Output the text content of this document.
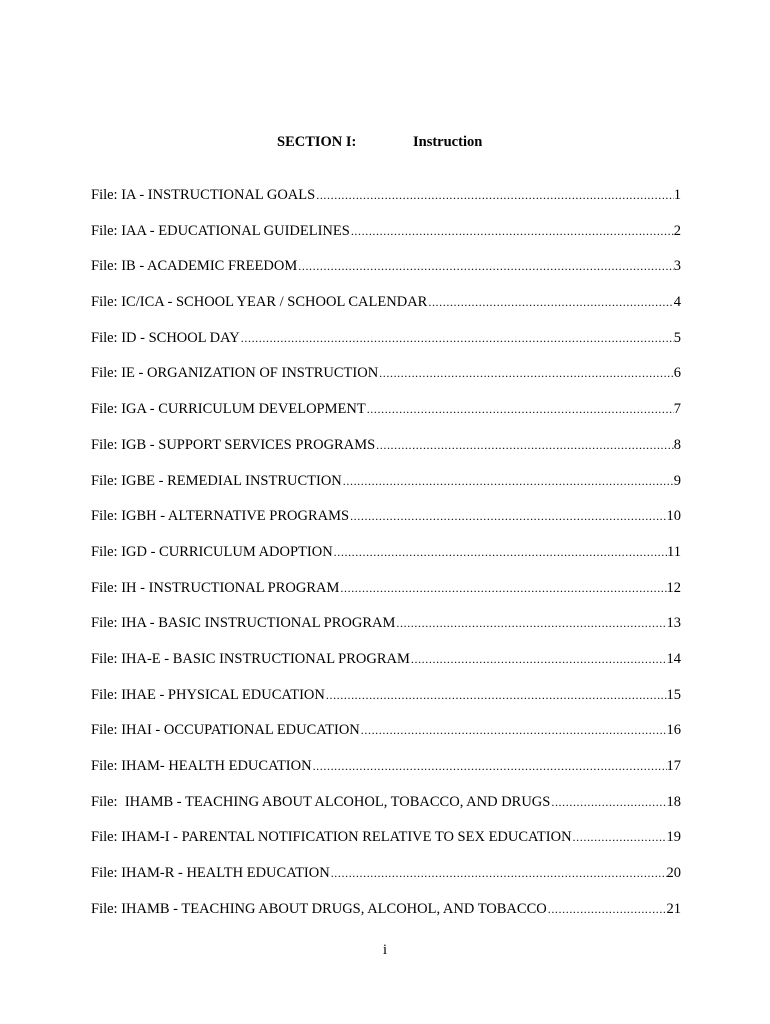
SECTION I:	Instruction
File: IA - INSTRUCTIONAL GOALS .....	1
File: IAA - EDUCATIONAL GUIDELINES .....	2
File: IB - ACADEMIC FREEDOM .....	3
File: IC/ICA - SCHOOL YEAR / SCHOOL CALENDAR .....	4
File: ID - SCHOOL DAY .....	5
File: IE - ORGANIZATION OF INSTRUCTION .....	6
File: IGA - CURRICULUM DEVELOPMENT .....	7
File: IGB - SUPPORT SERVICES PROGRAMS .....	8
File: IGBE - REMEDIAL INSTRUCTION .....	9
File: IGBH - ALTERNATIVE PROGRAMS .....	10
File: IGD - CURRICULUM ADOPTION .....	11
File: IH - INSTRUCTIONAL PROGRAM .....	12
File: IHA - BASIC INSTRUCTIONAL PROGRAM .....	13
File: IHA-E - BASIC INSTRUCTIONAL PROGRAM .....	14
File: IHAE - PHYSICAL EDUCATION .....	15
File: IHAI - OCCUPATIONAL EDUCATION .....	16
File: IHAM- HEALTH EDUCATION .....	17
File:  IHAMB - TEACHING ABOUT ALCOHOL, TOBACCO, AND DRUGS .....	18
File: IHAM-I - PARENTAL NOTIFICATION RELATIVE TO SEX EDUCATION .....	19
File: IHAM-R - HEALTH EDUCATION .....	20
File: IHAMB - TEACHING ABOUT DRUGS, ALCOHOL, AND TOBACCO .....	21
i
